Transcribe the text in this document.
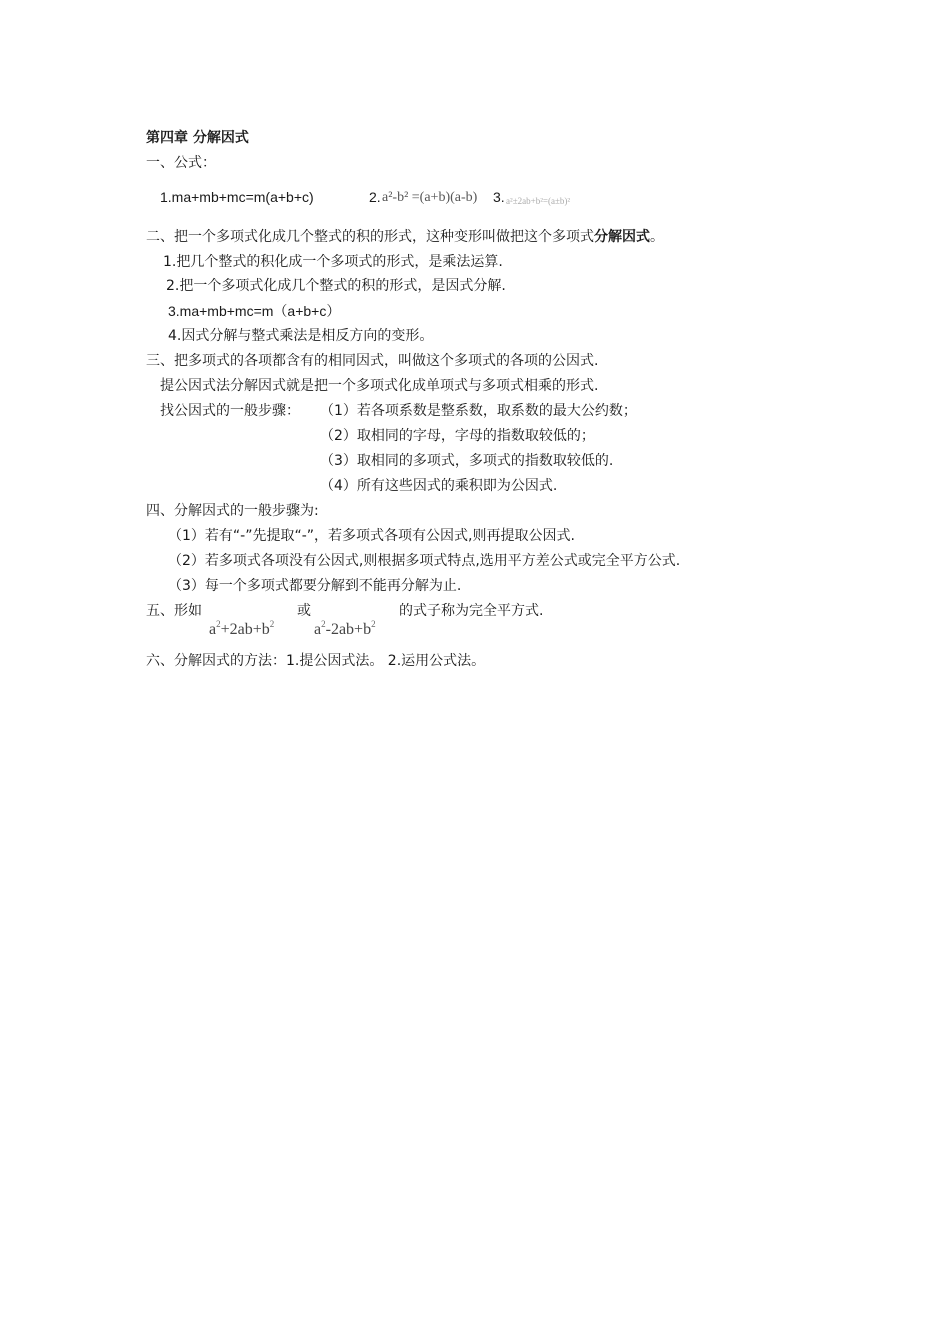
第四章 分解因式
一、公式：
1.ma+mb+mc=m(a+b+c)	2. a²-b² =(a+b)(a-b) 3. a²±2ab+b²=(a±b)²
二、把一个多项式化成几个整式的积的形式，这种变形叫做把这个多项式分解因式。
1.把几个整式的积化成一个多项式的形式，是乘法运算.
2.把一个多项式化成几个整式的积的形式，是因式分解.
3.ma+mb+mc=m（a+b+c）
4.因式分解与整式乘法是相反方向的变形。
三、把多项式的各项都含有的相同因式，叫做这个多项式的各项的公因式.
提公因式法分解因式就是把一个多项式化成单项式与多项式相乘的形式.
找公因式的一般步骤： （1）若各项系数是整系数，取系数的最大公约数；
（2）取相同的字母，字母的指数取较低的；
（3）取相同的多项式，多项式的指数取较低的.
（4）所有这些因式的乘积即为公因式.
四、分解因式的一般步骤为:
（1）若有“-”先提取“-”，若多项式各项有公因式,则再提取公因式.
（2）若多项式各项没有公因式,则根据多项式特点,选用平方差公式或完全平方公式.
（3）每一个多项式都要分解到不能再分解为止.
五、形如
$a^2+2ab+b^2$
或
$a^2-2ab+b^2$
的式子称为完全平方式.
六、分解因式的方法：1.提公因式法。 2.运用公式法。
